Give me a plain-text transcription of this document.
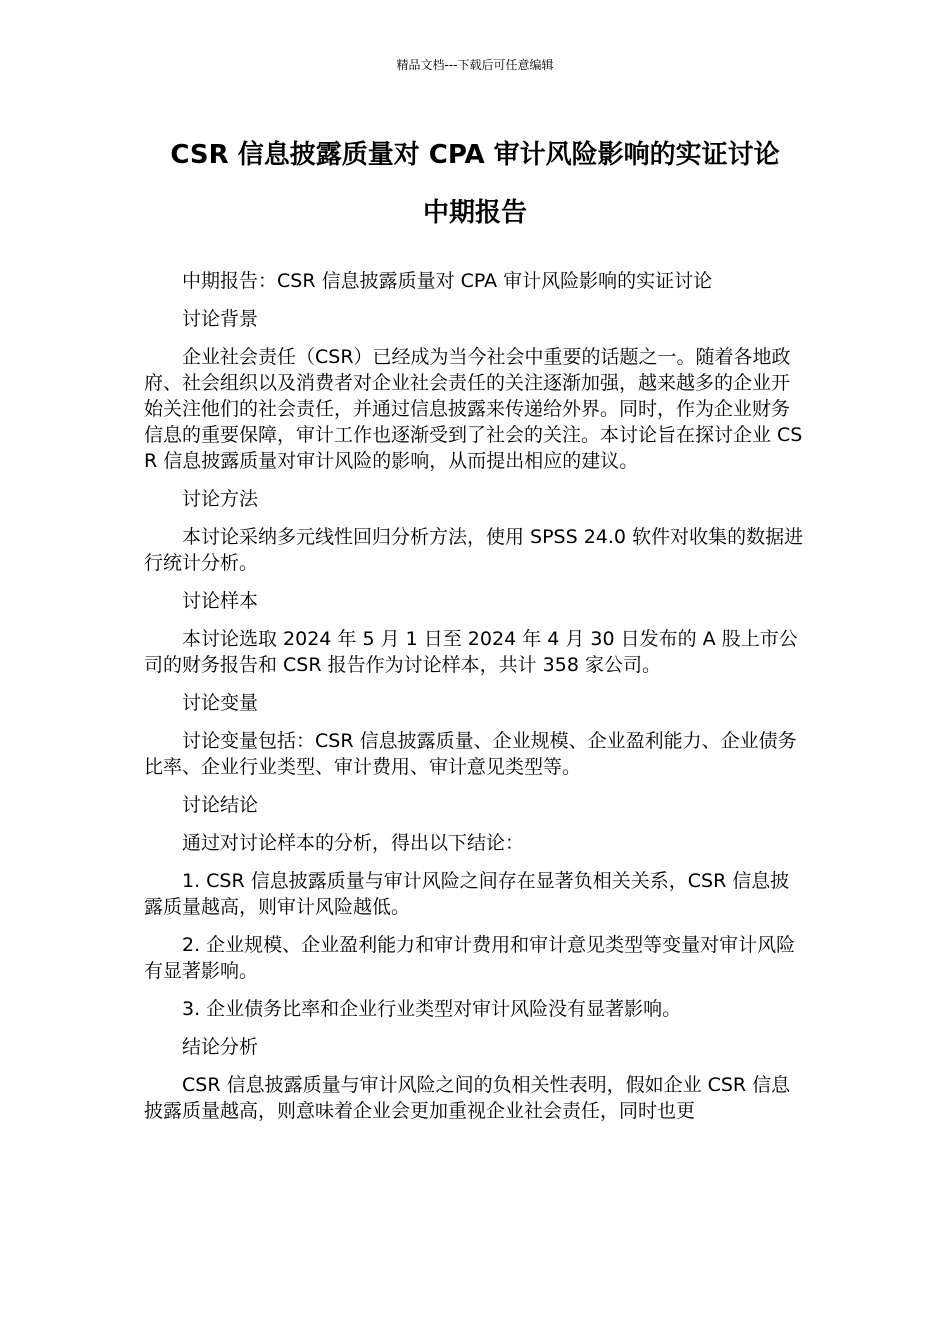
精品文档---下载后可任意编辑
CSR 信息披露质量对 CPA 审计风险影响的实证讨论
中期报告

中期报告：CSR 信息披露质量对 CPA 审计风险影响的实证讨论

讨论背景

企业社会责任（CSR）已经成为当今社会中重要的话题之一。随着各地政府、社会组织以及消费者对企业社会责任的关注逐渐加强，越来越多的企业开始关注他们的社会责任，并通过信息披露来传递给外界。同时，作为企业财务信息的重要保障，审计工作也逐渐受到了社会的关注。本讨论旨在探讨企业 CSR 信息披露质量对审计风险的影响，从而提出相应的建议。

讨论方法

本讨论采纳多元线性回归分析方法，使用 SPSS 24.0 软件对收集的数据进行统计分析。

讨论样本

本讨论选取 2024 年 5 月 1 日至 2024 年 4 月 30 日发布的 A 股上市公司的财务报告和 CSR 报告作为讨论样本，共计 358 家公司。

讨论变量

讨论变量包括：CSR 信息披露质量、企业规模、企业盈利能力、企业债务比率、企业行业类型、审计费用、审计意见类型等。

讨论结论

通过对讨论样本的分析，得出以下结论：

1. CSR 信息披露质量与审计风险之间存在显著负相关关系，CSR 信息披露质量越高，则审计风险越低。

2. 企业规模、企业盈利能力和审计费用和审计意见类型等变量对审计风险有显著影响。

3. 企业债务比率和企业行业类型对审计风险没有显著影响。

结论分析

CSR 信息披露质量与审计风险之间的负相关性表明，假如企业 CSR 信息披露质量越高，则意味着企业会更加重视企业社会责任，同时也更
